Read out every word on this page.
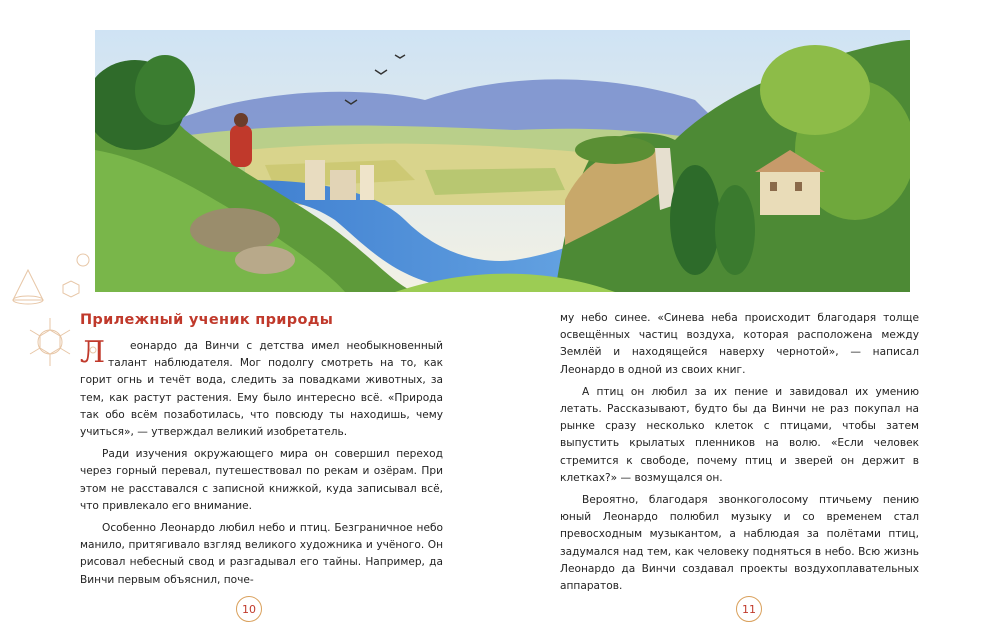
Прилежный ученик природы

Л еонардо да Винчи с детства имел необыкновенный талант наблюдателя. Мог подолгу смотреть на то, как горит огнь и течёт вода, следить за повадками животных, за тем, как растут растения. Ему было интересно всё. «Природа так обо всём позаботилась, что повсюду ты находишь, чему учиться», — утверждал великий изобретатель.

Ради изучения окружающего мира он совершил переход через горный перевал, путешествовал по рекам и озёрам. При этом не расставался с записной книжкой, куда записывал всё, что привлекало его внимание.

Особенно Леонардо любил небо и птиц. Безграничное небо манило, притягивало взгляд великого художника и учёного. Он рисовал небесный свод и разгадывал его тайны. Например, да Винчи первым объяснил, поче-

му небо синее. «Синева неба происходит благодаря толще освещённых частиц воздуха, которая расположена между Землёй и находящейся наверху чернотой», — написал Леонардо в одной из своих книг.

А птиц он любил за их пение и завидовал их умению летать. Рассказывают, будто бы да Винчи не раз покупал на рынке сразу несколько клеток с птицами, чтобы затем выпустить крылатых пленников на волю. «Если человек стремится к свободе, почему птиц и зверей он держит в клетках?» — возмущался он.

Вероятно, благодаря звонкоголосому птичьему пению юный Леонардо полюбил музыку и со временем стал превосходным музыкантом, а наблюдая за полётами птиц, задумался над тем, как человеку подняться в небо. Всю жизнь Леонардо да Винчи создавал проекты воздухоплавательных аппаратов.

10	11
